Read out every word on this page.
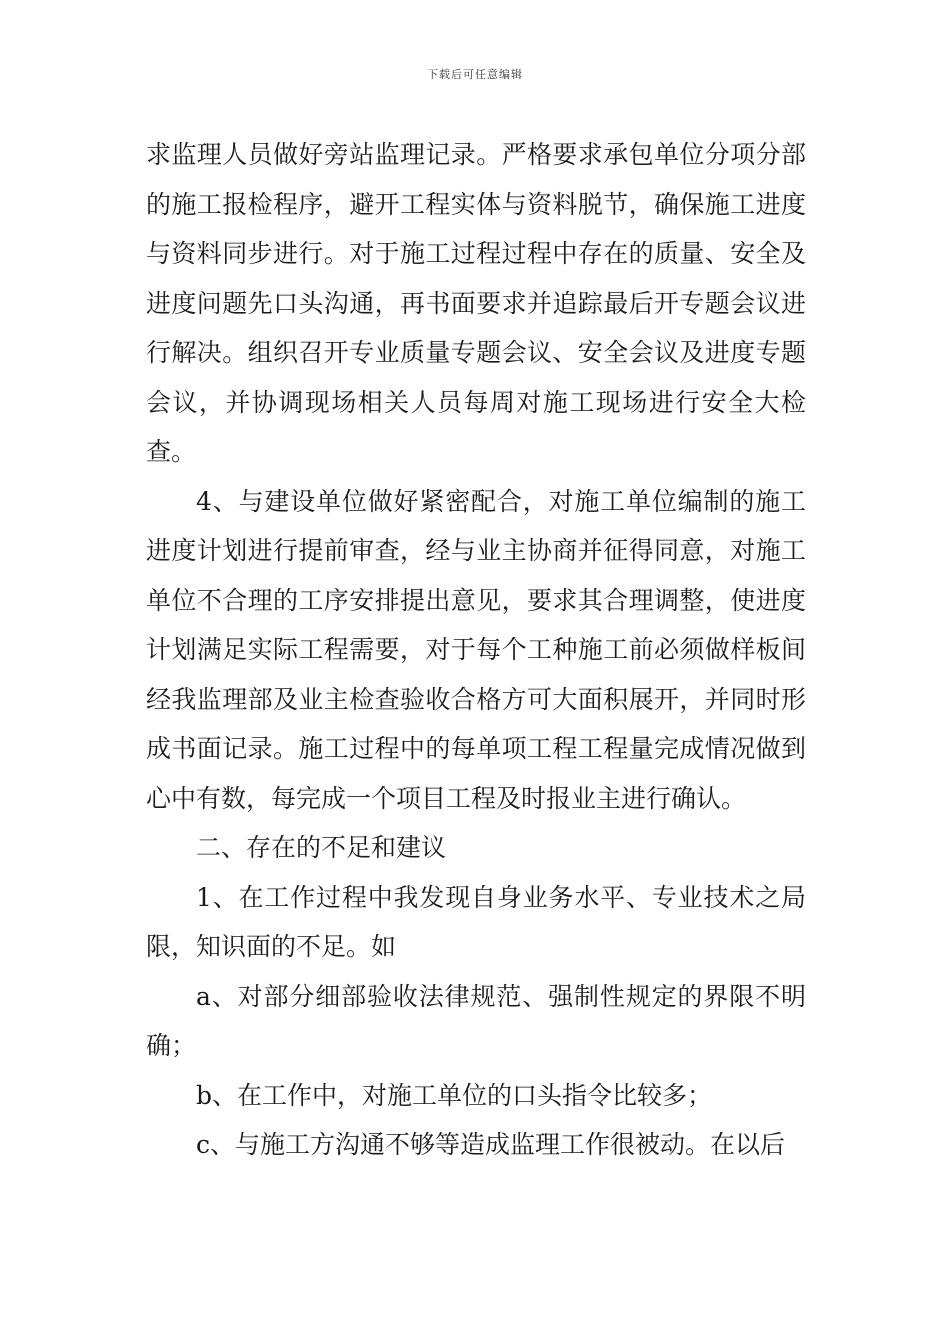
下载后可任意编辑

求监理人员做好旁站监理记录。严格要求承包单位分项分部的施工报检程序，避开工程实体与资料脱节，确保施工进度与资料同步进行。对于施工过程过程中存在的质量、安全及进度问题先口头沟通，再书面要求并追踪最后开专题会议进行解决。组织召开专业质量专题会议、安全会议及进度专题会议，并协调现场相关人员每周对施工现场进行安全大检查。

4、与建设单位做好紧密配合，对施工单位编制的施工进度计划进行提前审查，经与业主协商并征得同意，对施工单位不合理的工序安排提出意见，要求其合理调整，使进度计划满足实际工程需要，对于每个工种施工前必须做样板间经我监理部及业主检查验收合格方可大面积展开，并同时形成书面记录。施工过程中的每单项工程工程量完成情况做到心中有数，每完成一个项目工程及时报业主进行确认。

二、存在的不足和建议

1、在工作过程中我发现自身业务水平、专业技术之局限，知识面的不足。如

a、对部分细部验收法律规范、强制性规定的界限不明确；

b、在工作中，对施工单位的口头指令比较多；

c、与施工方沟通不够等造成监理工作很被动。在以后
